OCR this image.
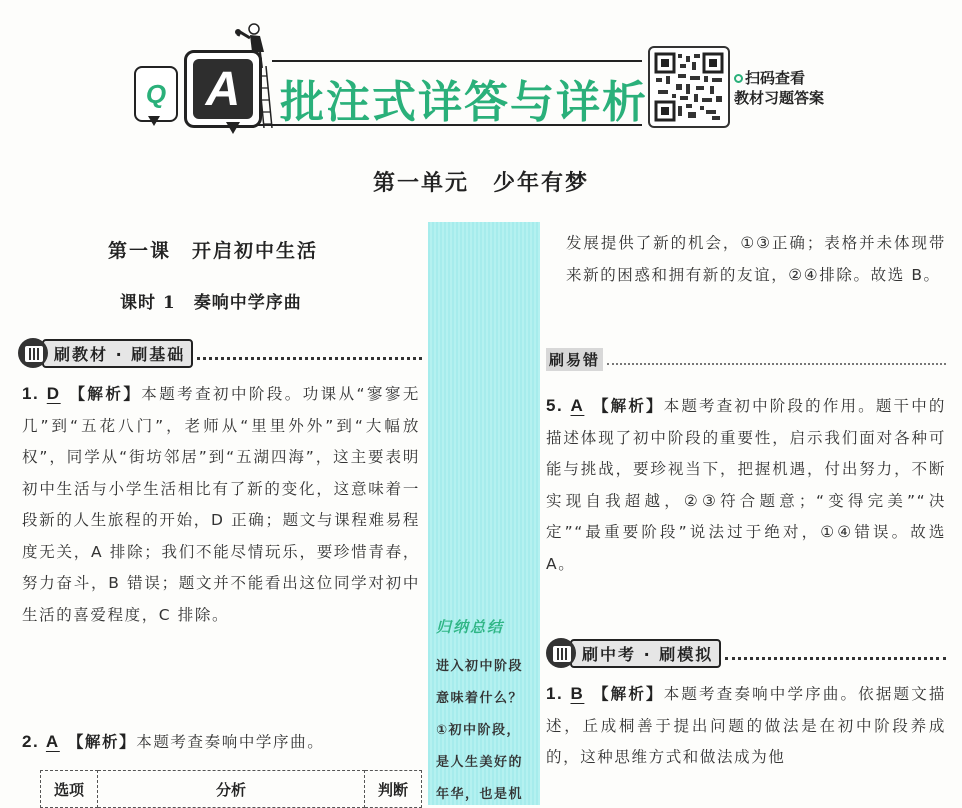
Q A 批注式详答与详析	扫码查看
教材习题答案
第一单元　少年有梦
归纳总结
进入初中阶段
意味着什么？
①初中阶段，
是人生美好的
年华，也是机
第一课　开启初中生活
课时 1　奏响中学序曲
刷教材 · 刷基础
1. D 【解析】本题考查初中阶段。功课从“寥寥无几”到“五花八门”，老师从“里里外外”到“大幅放权”，同学从“街坊邻居”到“五湖四海”，这主要表明初中生活与小学生活相比有了新的变化，这意味着一段新的人生旅程的开始，D 正确；题文与课程难易程度无关，A 排除；我们不能尽情玩乐，要珍惜青春，努力奋斗，B 错误；题文并不能看出这位同学对初中生活的喜爱程度，C 排除。
2. A 【解析】本题考查奏响中学序曲。
选项	分析	判断
发展提供了新的机会，①③正确；表格并未体现带来新的困惑和拥有新的友谊，②④排除。故选 B。
刷易错
5. A 【解析】本题考查初中阶段的作用。题干中的描述体现了初中阶段的重要性，启示我们面对各种可能与挑战，要珍视当下，把握机遇，付出努力，不断实现自我超越，②③符合题意；“变得完美”“决定”“最重要阶段”说法过于绝对，①④错误。故选 A。
刷中考 · 刷模拟
1. B 【解析】本题考查奏响中学序曲。依据题文描述，丘成桐善于提出问题的做法是在初中阶段养成的，这种思维方式和做法成为他
